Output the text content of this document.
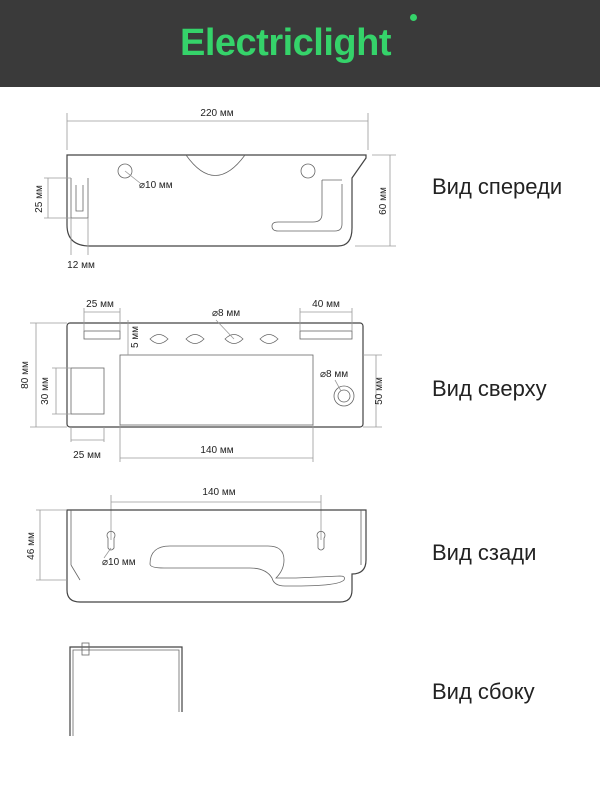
Electriclight
Вид спереди
Вид сверху
Вид сзади
Вид сбоку
220 мм
⌀10 мм
25 мм
12 мм
60 мм
⌀8 мм
⌀8 мм
25 мм	40 мм
5 мм
80 мм
30 мм	50 мм
25 мм	140 мм
140 мм
⌀10 мм
46 мм
